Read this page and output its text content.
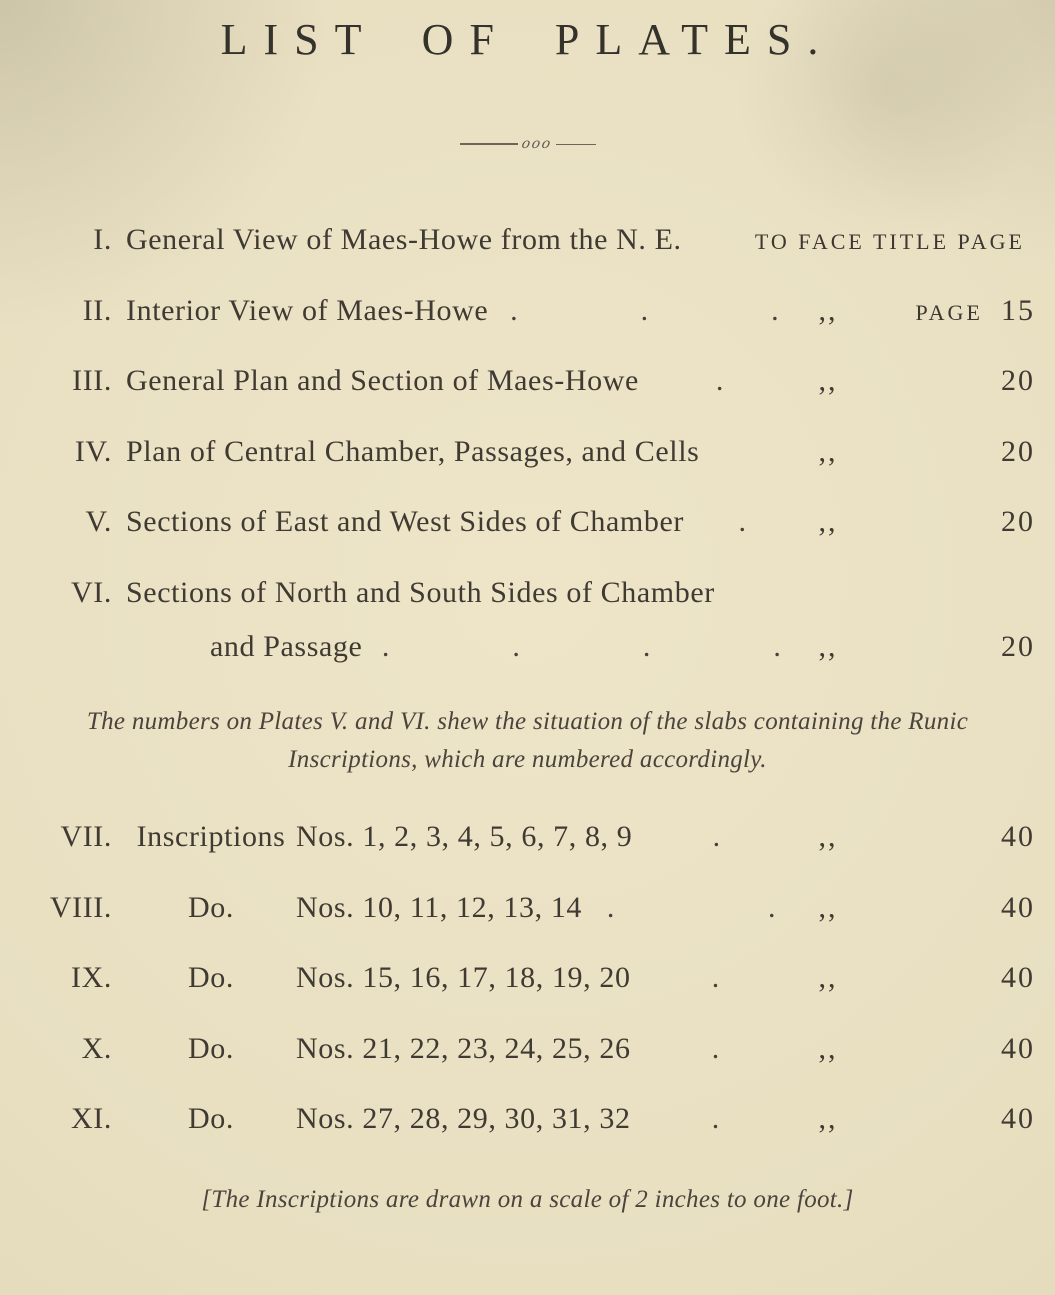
LIST OF PLATES.
ooo
I. General View of Maes-Howe from the N. E.	TO FACE TITLE PAGE
II. Interior View of Maes-Howe .    .    .	,,	PAGE 15
III. General Plan and Section of Maes-Howe	.	,,	20
IV. Plan of Central Chamber, Passages, and Cells	,,	20
V. Sections of East and West Sides of Chamber	.	,,	20
VI. Sections of North and South Sides of Chamber
and Passage .    .    .    .	,,	20

The numbers on Plates V. and VI. shew the situation of the slabs containing the Runic Inscriptions, which are numbered accordingly.

VII. Inscriptions Nos. 1, 2, 3, 4, 5, 6, 7, 8, 9	.	,,	40
VIII.	Do.	Nos. 10, 11, 12, 13, 14 .     .	,,	40
IX.	Do.	Nos. 15, 16, 17, 18, 19, 20	.	,,	40
X.	Do.	Nos. 21, 22, 23, 24, 25, 26	.	,,	40
XI.	Do.	Nos. 27, 28, 29, 30, 31, 32	.	,,	40

[The Inscriptions are drawn on a scale of 2 inches to one foot.]
